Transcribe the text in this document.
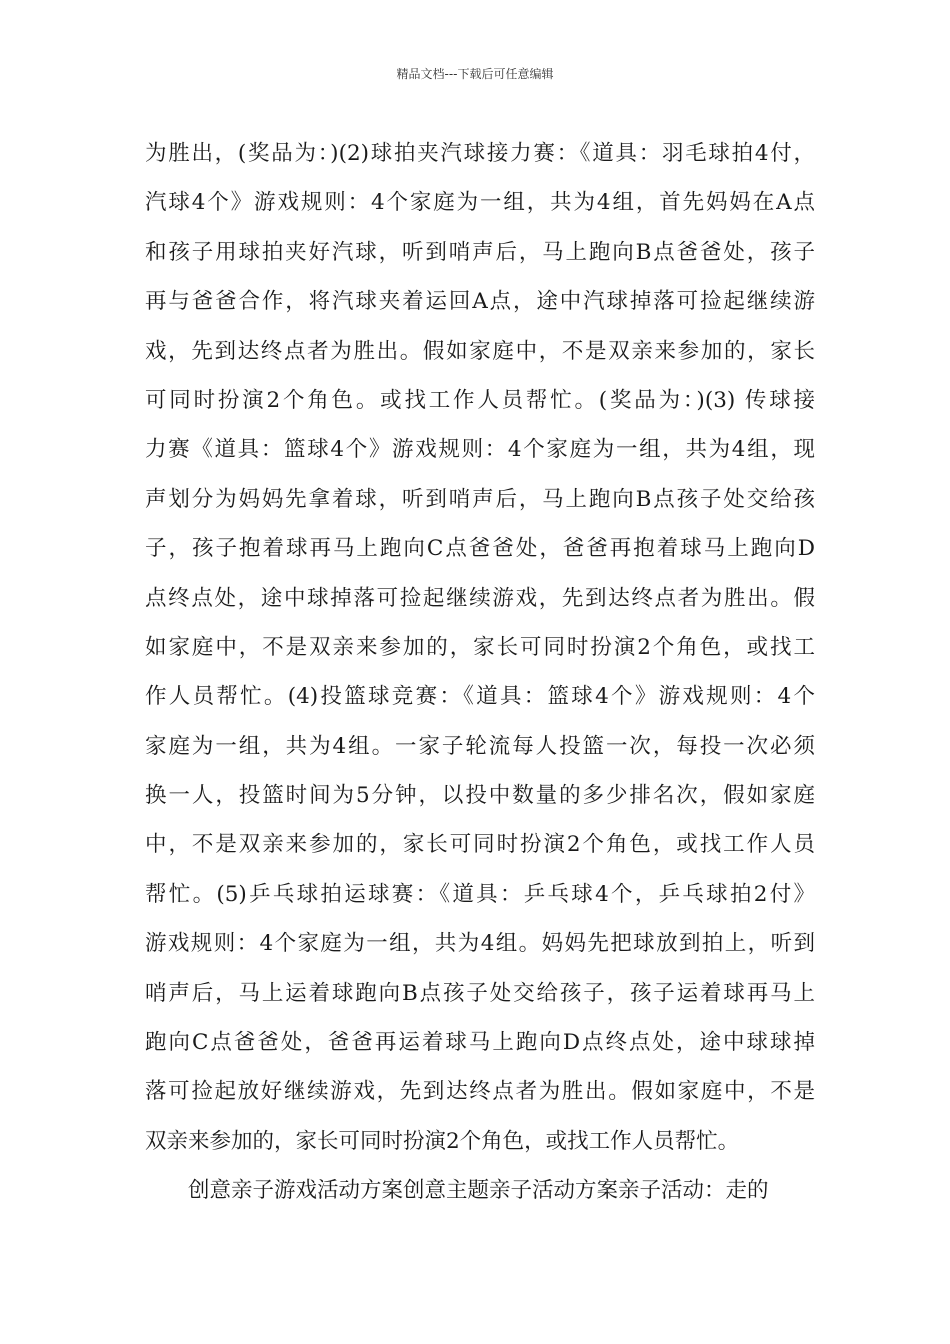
精品文档---下载后可任意编辑
为胜出，(奖品为：)(2)球拍夹汽球接力赛：《道具：羽毛球拍4付，
汽球4个》游戏规则：4个家庭为一组，共为4组，首先妈妈在A点
和孩子用球拍夹好汽球，听到哨声后，马上跑向B点爸爸处，孩子
再与爸爸合作，将汽球夹着运回A点，途中汽球掉落可捡起继续游
戏，先到达终点者为胜出。假如家庭中，不是双亲来参加的，家长
可同时扮演2个角色。或找工作人员帮忙。(奖品为：)(3) 传球接
力赛《道具：篮球4个》游戏规则：4个家庭为一组，共为4组，现
声划分为妈妈先拿着球，听到哨声后，马上跑向B点孩子处交给孩
子，孩子抱着球再马上跑向C点爸爸处，爸爸再抱着球马上跑向D
点终点处，途中球掉落可捡起继续游戏，先到达终点者为胜出。假
如家庭中，不是双亲来参加的，家长可同时扮演2个角色，或找工
作人员帮忙。(4)投篮球竞赛：《道具：篮球4个》游戏规则：4个
家庭为一组，共为4组。一家子轮流每人投篮一次，每投一次必须
换一人，投篮时间为5分钟，以投中数量的多少排名次，假如家庭
中，不是双亲来参加的，家长可同时扮演2个角色，或找工作人员
帮忙。(5)乒乓球拍运球赛：《道具：乒乓球4个，乒乓球拍2付》
游戏规则：4个家庭为一组，共为4组。妈妈先把球放到拍上，听到
哨声后，马上运着球跑向B点孩子处交给孩子，孩子运着球再马上
跑向C点爸爸处，爸爸再运着球马上跑向D点终点处，途中球球掉
落可捡起放好继续游戏，先到达终点者为胜出。假如家庭中，不是
双亲来参加的，家长可同时扮演2个角色，或找工作人员帮忙。
创意亲子游戏活动方案创意主题亲子活动方案亲子活动：走的
